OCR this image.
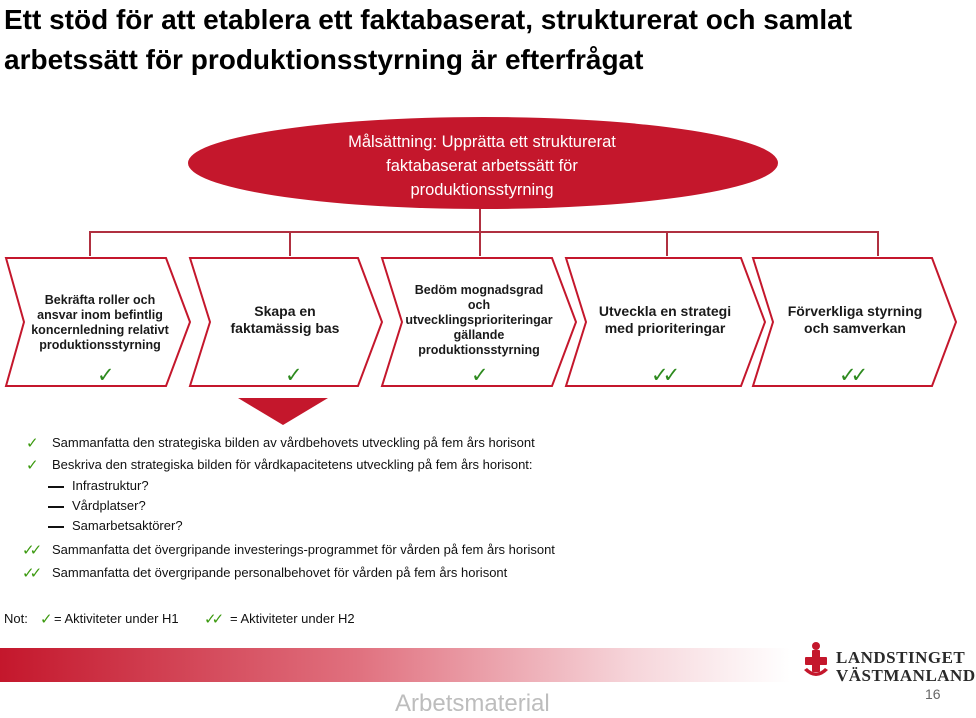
Ett stöd för att etablera ett faktabaserat, strukturerat och samlat arbetssätt för produktionsstyrning är efterfrågat
Målsättning: Upprätta ett strukturerat
faktabaserat arbetssätt för
produktionsstyrning
Bekräfta roller och ansvar inom befintlig koncernledning relativt produktionsstyrning
✓
Skapa en faktamässig bas
✓
Bedöm mognadsgrad och utvecklingsprioriteringar gällande produktionsstyrning
✓
Utveckla en strategi med prioriteringar
✓✓
Förverkliga styrning och samverkan
✓✓
✓ Sammanfatta den strategiska bilden av vårdbehovets utveckling på fem års horisont
✓ Beskriva den strategiska bilden för vårdkapacitetens utveckling på fem års horisont:
Infrastruktur?
Vårdplatser?
Samarbetsaktörer?
✓✓ Sammanfatta det övergripande investerings-programmet för vården på fem års horisont
✓✓ Sammanfatta det övergripande personalbehovet för vården på fem års horisont
Not: ✓ = Aktiviteter under H1 ✓✓ = Aktiviteter under H2
LANDSTINGET
VÄSTMANLAND
Arbetsmaterial	16
